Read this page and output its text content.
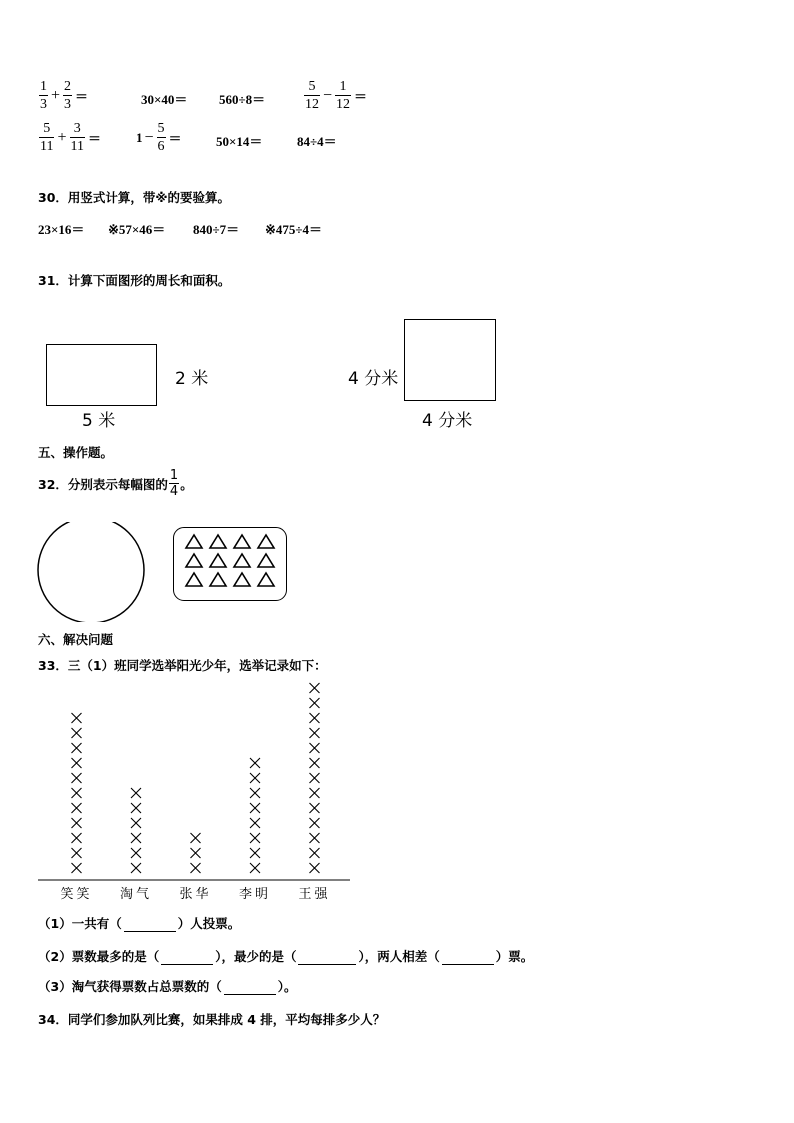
$\frac{1}{3} + \frac{2}{3}$ ＝	30×40＝ 560÷8＝	$\frac{5}{12} - \frac{1}{12}$ ＝
$\frac{5}{11} + \frac{3}{11}$ ＝	$1 - \frac{5}{6}$ ＝	50×14＝	84÷4＝
30．用竖式计算，带※的要验算。
23×16＝ ※57×46＝ 840÷7＝ ※475÷4＝
31．计算下面图形的周长和面积。
2 米
5 米
4 分米
4 分米
五、操作题。
32．分别表示每幅图的 $\frac{1}{4}$ 。
六、解决问题
33．三（1）班同学选举阳光少年，选举记录如下：
笑笑 淘气 张华 李明 王强
（1）一共有（	）人投票。
（2）票数最多的是（	），最少的是（	），两人相差（	）票。
（3）淘气获得票数占总票数的（	）。
34．同学们参加队列比赛，如果排成 4 排，平均每排多少人？
